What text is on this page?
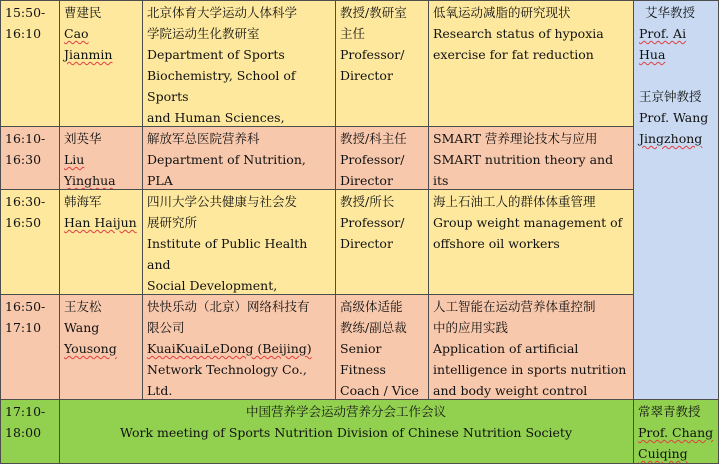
15:50-
16:10
曹建民
Cao Jianmin
北京体育大学运动人体科学
学院运动生化教研室
Department of Sports
Biochemistry, School of Sports
and Human Sciences,
教授/教研室
主任
Professor/
Director
低氧运动减脂的研究现状
Research status of hypoxia
exercise for fat reduction
16:10-
16:30
刘英华
Liu Yinghua
解放军总医院营养科
Department of Nutrition, PLA
教授/科主任
Professor/
Director
SMART 营养理论技术与应用
SMART nutrition theory and its
16:30-
16:50
韩海军
Han Haijun
四川大学公共健康与社会发
展研究所
Institute of Public Health and
Social Development,
教授/所长
Professor/
Director
海上石油工人的群体体重管理
Group weight management of
offshore oil workers
16:50-
17:10
王友松
Wang
Yousong
快快乐动（北京）网络科技有
限公司
KuaiKuaiLeDong (Beijing)
Network Technology Co., Ltd.
高级体适能
教练/副总裁
Senior Fitness
Coach / Vice
人工智能在运动营养体重控制
中的应用实践
Application of artificial
intelligence in sports nutrition
and body weight control
艾华教授
Prof. Ai
Hua
王京钟教授
Prof. Wang
Jingzhong
17:10-
18:00
中国营养学会运动营养分会工作会议
Work meeting of Sports Nutrition Division of Chinese Nutrition Society
常翠青教授
Prof. Chang
Cuiqing
